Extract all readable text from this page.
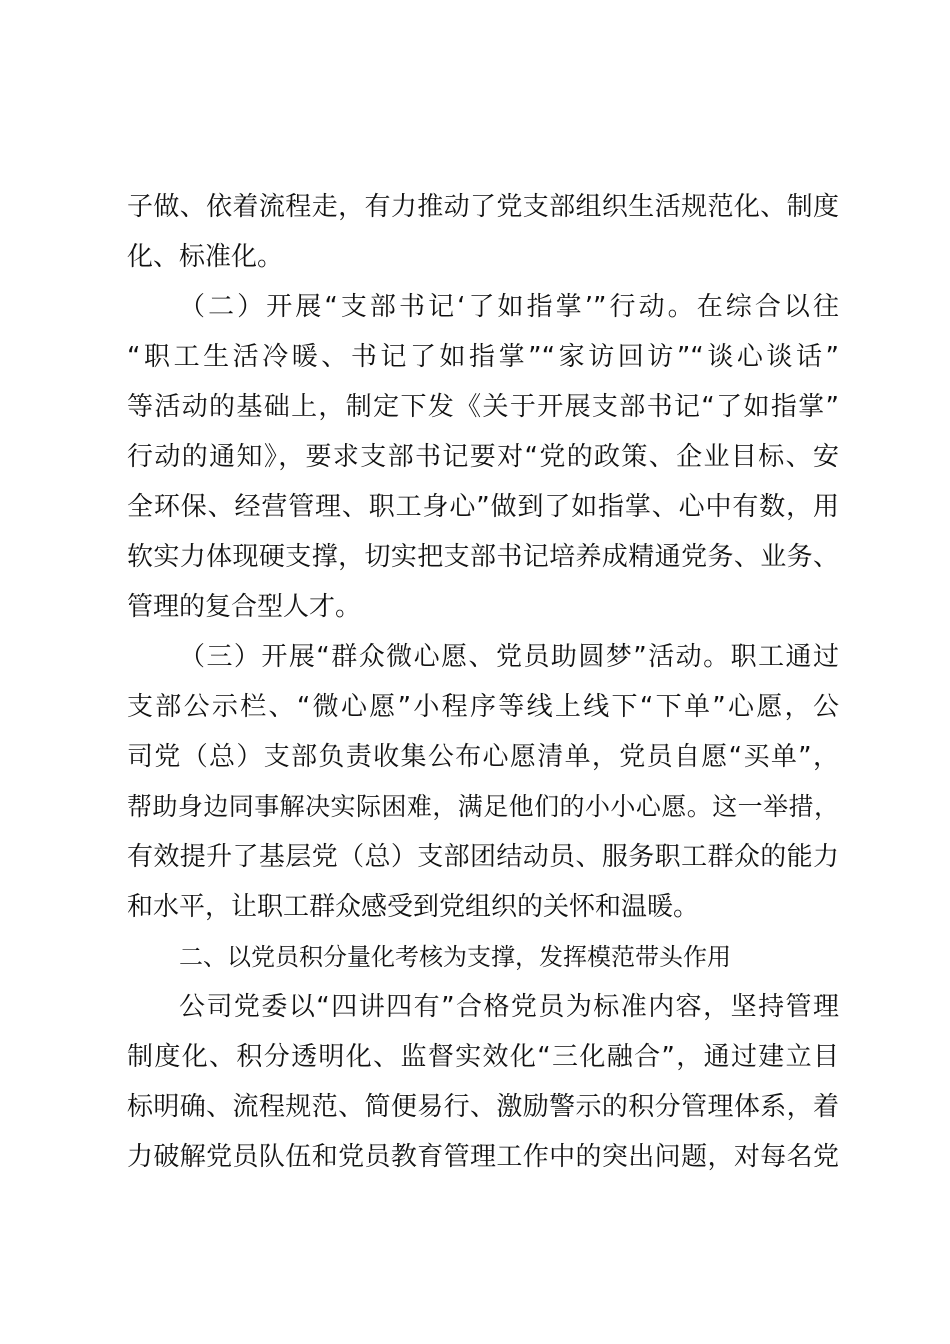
子做、依着流程走，有力推动了党支部组织生活规范化、制度
化、标准化。
（二）开展“支部书记‘了如指掌’”行动。在综合以往
“职工生活冷暖、书记了如指掌”“家访回访”“谈心谈话”
等活动的基础上，制定下发《关于开展支部书记“了如指掌”
行动的通知》，要求支部书记要对“党的政策、企业目标、安
全环保、经营管理、职工身心”做到了如指掌、心中有数，用
软实力体现硬支撑，切实把支部书记培养成精通党务、业务、
管理的复合型人才。
（三）开展“群众微心愿、党员助圆梦”活动。职工通过
支部公示栏、“微心愿”小程序等线上线下“下单”心愿，公
司党（总）支部负责收集公布心愿清单，党员自愿“买单”，
帮助身边同事解决实际困难，满足他们的小小心愿。这一举措，
有效提升了基层党（总）支部团结动员、服务职工群众的能力
和水平，让职工群众感受到党组织的关怀和温暖。
二、以党员积分量化考核为支撑，发挥模范带头作用
公司党委以“四讲四有”合格党员为标准内容，坚持管理
制度化、积分透明化、监督实效化“三化融合”，通过建立目
标明确、流程规范、简便易行、激励警示的积分管理体系，着
力破解党员队伍和党员教育管理工作中的突出问题，对每名党
